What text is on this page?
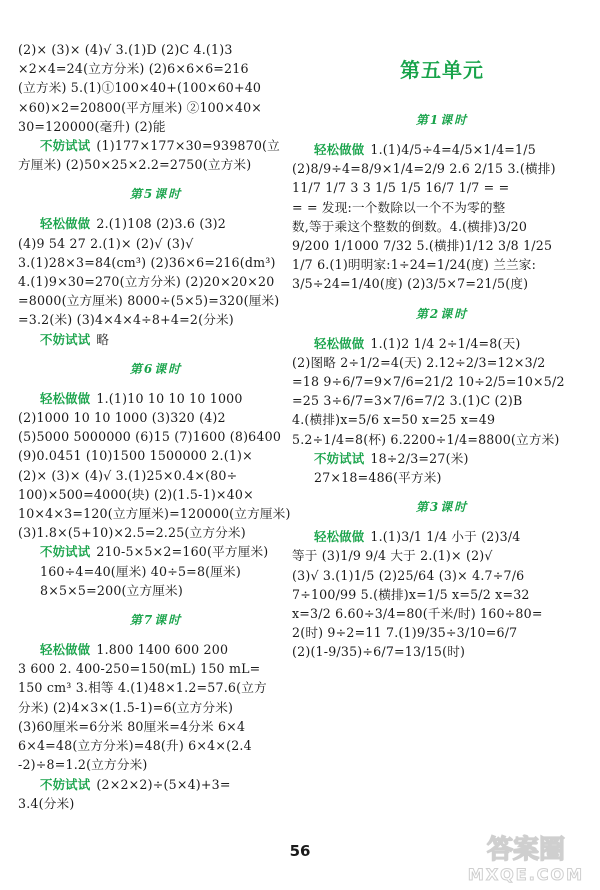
(2)× (3)× (4)√ 3.(1)D (2)C 4.(1)3
×2×4=24(立方分米) (2)6×6×6=216
(立方米) 5.(1)①100×40+(100×60+40
×60)×2=20800(平方厘米) ②100×40×
30=120000(毫升) (2)能
不妨试试 (1)177×177×30=939870(立
方厘米) (2)50×25×2.2=2750(立方米)
第5课时
轻松做做 2.(1)108 (2)3.6 (3)2
(4)9 54 27 2.(1)× (2)√ (3)√
3.(1)28×3=84(cm³) (2)36×6=216(dm³)
4.(1)9×30=270(立方分米) (2)20×20×20
=8000(立方厘米) 8000÷(5×5)=320(厘米)
=3.2(米) (3)4×4×4÷8+4=2(分米)
不妨试试 略
第6课时
轻松做做 1.(1)10 10 10 10 1000
(2)1000 10 10 1000 (3)320 (4)2
(5)5000 5000000 (6)15 (7)1600 (8)6400
(9)0.0451 (10)1500 1500000 2.(1)×
(2)× (3)× (4)√ 3.(1)25×0.4×(80÷
100)×500=4000(块) (2)(1.5-1)×40×
10×4×3=120(立方厘米)=120000(立方厘米)
(3)1.8×(5+10)×2.5=2.25(立方分米)
不妨试试 210-5×5×2=160(平方厘米)
160÷4=40(厘米) 40÷5=8(厘米)
8×5×5=200(立方厘米)
第7课时
轻松做做 1.800 1400 600 200
3 600 2. 400-250=150(mL) 150 mL=
150 cm³ 3.相等 4.(1)48×1.2=57.6(立方
分米) (2)4×3×(1.5-1)=6(立方分米)
(3)60厘米=6分米 80厘米=4分米 6×4
6×4=48(立方分米)=48(升) 6×4×(2.4
-2)÷8=1.2(立方分米)
不妨试试 (2×2×2)÷(5×4)+3=
3.4(分米)
第五单元
第1课时
轻松做做 1.(1)4/5÷4=4/5×1/4=1/5
(2)8/9÷4=8/9×1/4=2/9 2.6 2/15 3.(横排)
11/7 1/7 3 3 1/5 1/5 16/7 1/7 = =
= = 发现:一个数除以一个不为零的整
数,等于乘这个整数的倒数。4.(横排)3/20
9/200 1/1000 7/32 5.(横排)1/12 3/8 1/25
1/7 6.(1)明明家:1÷24=1/24(度) 兰兰家:
3/5÷24=1/40(度) (2)3/5×7=21/5(度)
第2课时
轻松做做 1.(1)2 1/4 2÷1/4=8(天)
(2)图略 2÷1/2=4(天) 2.12÷2/3=12×3/2
=18 9÷6/7=9×7/6=21/2 10÷2/5=10×5/2
=25 3÷6/7=3×7/6=7/2 3.(1)C (2)B
4.(横排)x=5/6 x=50 x=25 x=49
5.2÷1/4=8(杯) 6.2200÷1/4=8800(立方米)
不妨试试 18÷2/3=27(米)
27×18=486(平方米)
第3课时
轻松做做 1.(1)3/1 1/4 小于 (2)3/4
等于 (3)1/9 9/4 大于 2.(1)× (2)√
(3)√ 3.(1)1/5 (2)25/64 (3)× 4.7÷7/6
7÷100/99 5.(横排)x=1/5 x=5/2 x=32
x=3/2 6.60÷3/4=80(千米/时) 160÷80=
2(时) 9÷2=11 7.(1)9/35÷3/10=6/7
(2)(1-9/35)÷6/7=13/15(时)
56	答案圈
MXQE.COM
